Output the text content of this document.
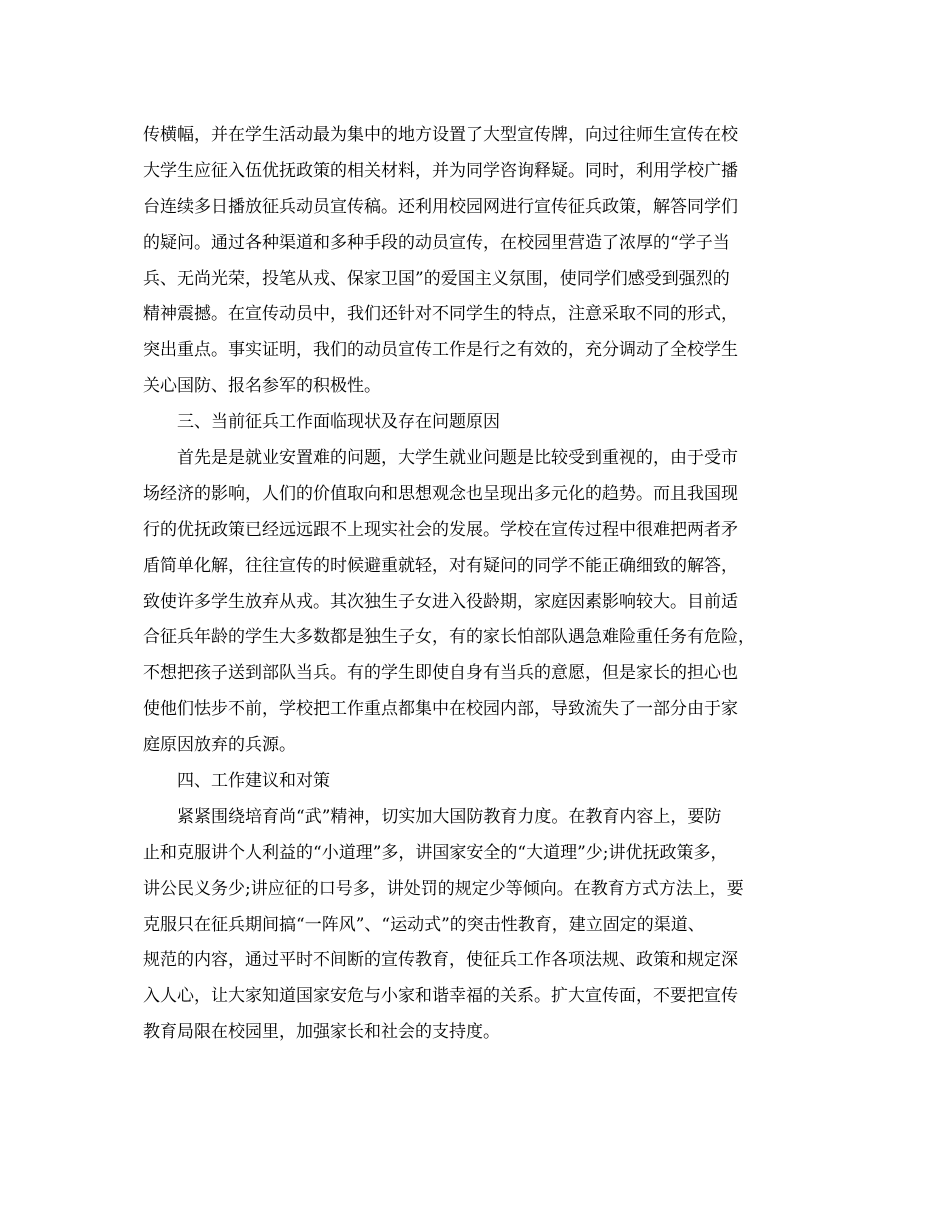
传横幅，并在学生活动最为集中的地方设置了大型宣传牌，向过往师生宣传在校
大学生应征入伍优抚政策的相关材料，并为同学咨询释疑。同时，利用学校广播
台连续多日播放征兵动员宣传稿。还利用校园网进行宣传征兵政策，解答同学们
的疑问。通过各种渠道和多种手段的动员宣传，在校园里营造了浓厚的“学子当
兵、无尚光荣，投笔从戎、保家卫国”的爱国主义氛围，使同学们感受到强烈的
精神震撼。在宣传动员中，我们还针对不同学生的特点，注意采取不同的形式，
突出重点。事实证明，我们的动员宣传工作是行之有效的，充分调动了全校学生
关心国防、报名参军的积极性。
三、当前征兵工作面临现状及存在问题原因
首先是是就业安置难的问题，大学生就业问题是比较受到重视的，由于受市
场经济的影响，人们的价值取向和思想观念也呈现出多元化的趋势。而且我国现
行的优抚政策已经远远跟不上现实社会的发展。学校在宣传过程中很难把两者矛
盾简单化解，往往宣传的时候避重就轻，对有疑问的同学不能正确细致的解答，
致使许多学生放弃从戎。其次独生子女进入役龄期，家庭因素影响较大。目前适
合征兵年龄的学生大多数都是独生子女，有的家长怕部队遇急难险重任务有危险，
不想把孩子送到部队当兵。有的学生即使自身有当兵的意愿，但是家长的担心也
使他们怯步不前，学校把工作重点都集中在校园内部，导致流失了一部分由于家
庭原因放弃的兵源。
四、工作建议和对策
紧紧围绕培育尚“武”精神，切实加大国防教育力度。在教育内容上，要防
止和克服讲个人利益的“小道理”多，讲国家安全的“大道理”少;讲优抚政策多，
讲公民义务少;讲应征的口号多，讲处罚的规定少等倾向。在教育方式方法上，要
克服只在征兵期间搞“一阵风”、“运动式”的突击性教育，建立固定的渠道、
规范的内容，通过平时不间断的宣传教育，使征兵工作各项法规、政策和规定深
入人心，让大家知道国家安危与小家和谐幸福的关系。扩大宣传面，不要把宣传
教育局限在校园里，加强家长和社会的支持度。
